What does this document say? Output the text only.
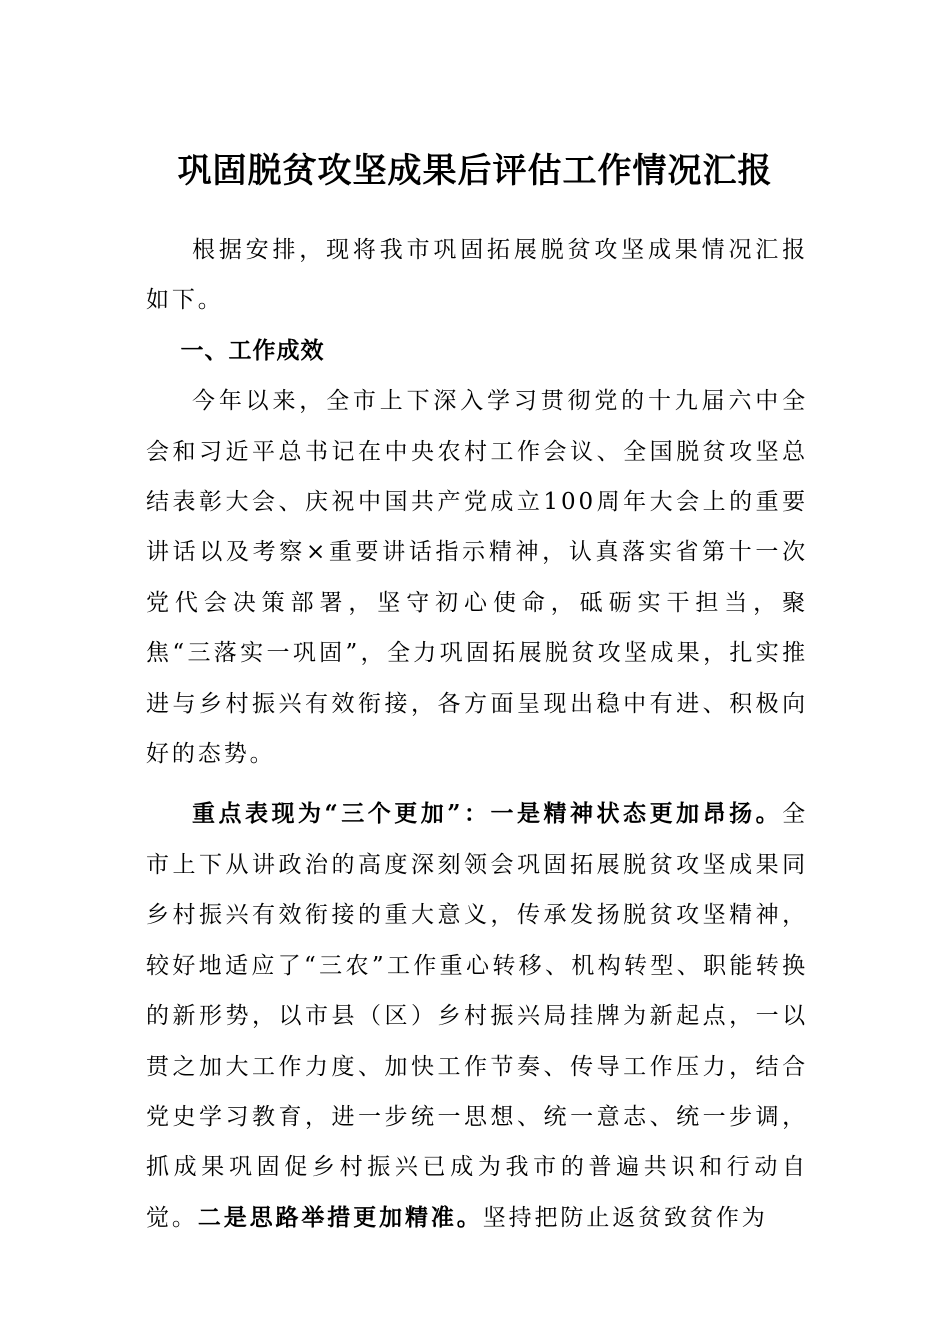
巩固脱贫攻坚成果后评估工作情况汇报

根据安排，现将我市巩固拓展脱贫攻坚成果情况汇报如下。

一、工作成效

今年以来，全市上下深入学习贯彻党的十九届六中全会和习近平总书记在中央农村工作会议、全国脱贫攻坚总结表彰大会、庆祝中国共产党成立100周年大会上的重要讲话以及考察×重要讲话指示精神，认真落实省第十一次党代会决策部署，坚守初心使命，砥砺实干担当，聚焦“三落实一巩固”，全力巩固拓展脱贫攻坚成果，扎实推进与乡村振兴有效衔接，各方面呈现出稳中有进、积极向好的态势。

重点表现为“三个更加”：一是精神状态更加昂扬。全市上下从讲政治的高度深刻领会巩固拓展脱贫攻坚成果同乡村振兴有效衔接的重大意义，传承发扬脱贫攻坚精神，较好地适应了“三农”工作重心转移、机构转型、职能转换的新形势，以市县（区）乡村振兴局挂牌为新起点，一以贯之加大工作力度、加快工作节奏、传导工作压力，结合党史学习教育，进一步统一思想、统一意志、统一步调，抓成果巩固促乡村振兴已成为我市的普遍共识和行动自觉。二是思路举措更加精准。坚持把防止返贫致贫作为
